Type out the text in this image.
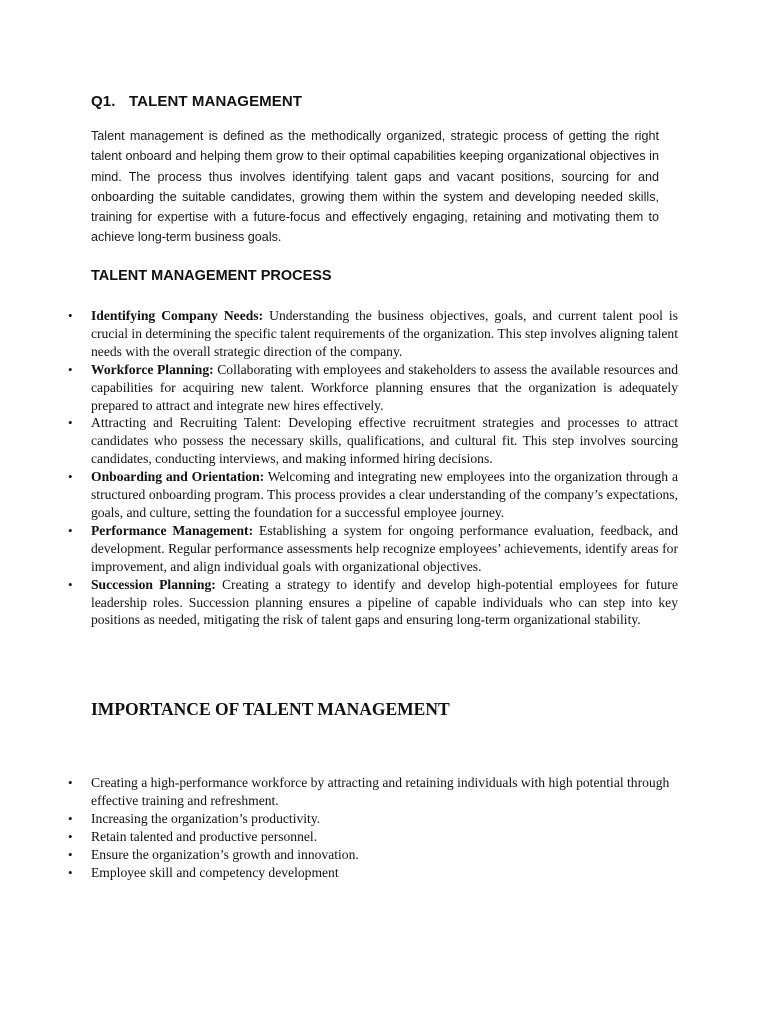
Q1. TALENT MANAGEMENT

Talent management is defined as the methodically organized, strategic process of getting the right talent onboard and helping them grow to their optimal capabilities keeping organizational objectives in mind. The process thus involves identifying talent gaps and vacant positions, sourcing for and onboarding the suitable candidates, growing them within the system and developing needed skills, training for expertise with a future-focus and effectively engaging, retaining and motivating them to achieve long-term business goals.

TALENT MANAGEMENT PROCESS
• Identifying Company Needs: Understanding the business objectives, goals, and current talent pool is crucial in determining the specific talent requirements of the organization. This step involves aligning talent needs with the overall strategic direction of the company.
• Workforce Planning: Collaborating with employees and stakeholders to assess the available resources and capabilities for acquiring new talent. Workforce planning ensures that the organization is adequately prepared to attract and integrate new hires effectively.
• Attracting and Recruiting Talent: Developing effective recruitment strategies and processes to attract candidates who possess the necessary skills, qualifications, and cultural fit. This step involves sourcing candidates, conducting interviews, and making informed hiring decisions.
• Onboarding and Orientation: Welcoming and integrating new employees into the organization through a structured onboarding program. This process provides a clear understanding of the company’s expectations, goals, and culture, setting the foundation for a successful employee journey.
• Performance Management: Establishing a system for ongoing performance evaluation, feedback, and development. Regular performance assessments help recognize employees’ achievements, identify areas for improvement, and align individual goals with organizational objectives.
• Succession Planning: Creating a strategy to identify and develop high-potential employees for future leadership roles. Succession planning ensures a pipeline of capable individuals who can step into key positions as needed, mitigating the risk of talent gaps and ensuring long-term organizational stability.
IMPORTANCE OF TALENT MANAGEMENT
• Creating a high-performance workforce by attracting and retaining individuals with high potential through effective training and refreshment.
• Increasing the organization’s productivity.
• Retain talented and productive personnel.
• Ensure the organization’s growth and innovation.
• Employee skill and competency development
